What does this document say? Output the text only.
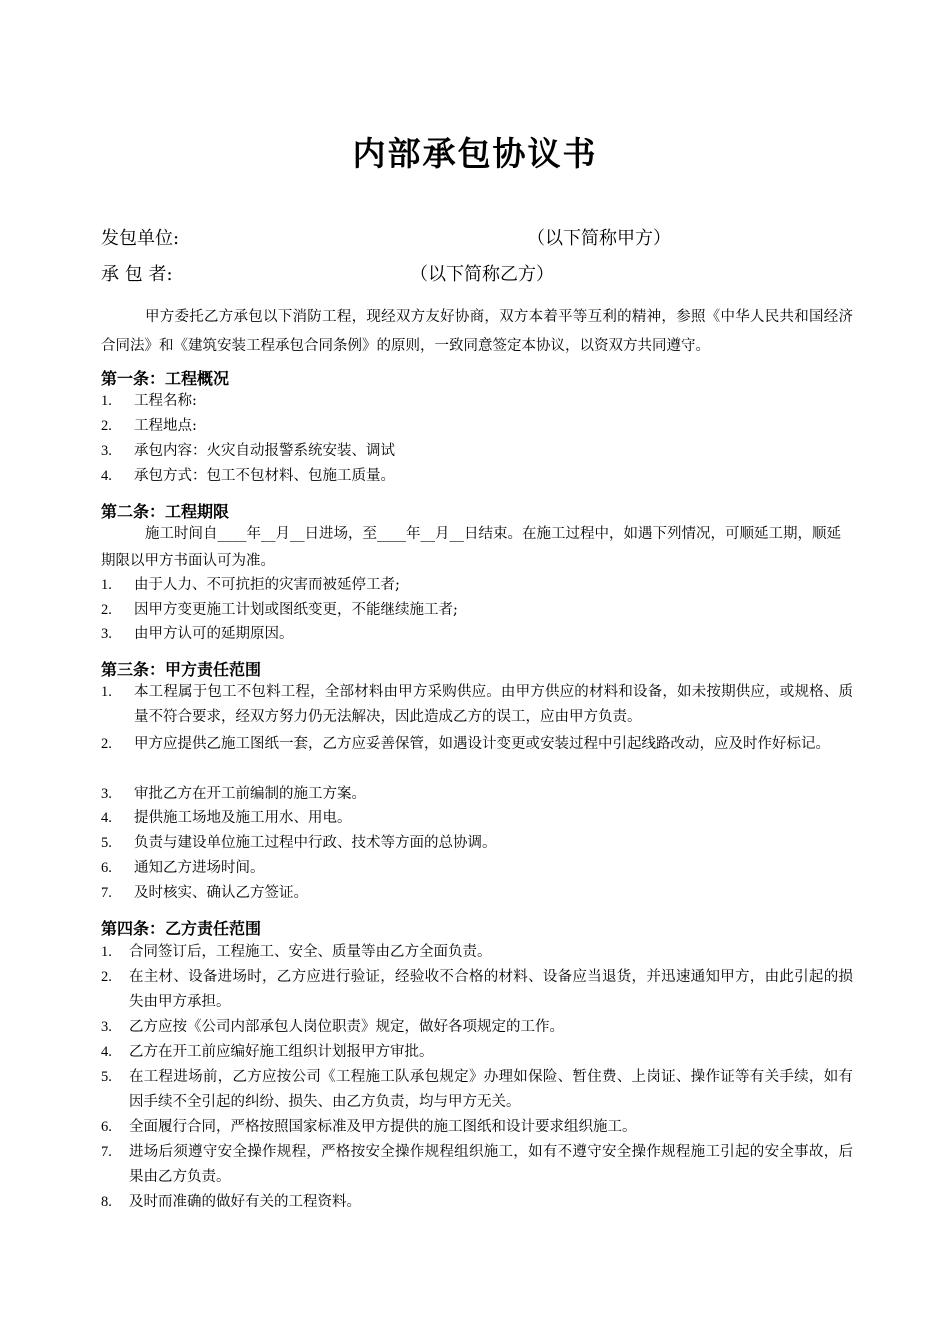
内部承包协议书
发包单位:	（以下简称甲方）
承 包 者:	（以下简称乙方）

甲方委托乙方承包以下消防工程，现经双方友好协商，双方本着平等互利的精神，参照《中华人民共和国经济合同法》和《建筑安装工程承包合同条例》的原则，一致同意签定本协议，以资双方共同遵守。

第一条：工程概况
1. 工程名称:
2. 工程地点:
3. 承包内容：火灾自动报警系统安装、调试
4. 承包方式：包工不包材料、包施工质量。
第二条：工程期限

施工时间自____年__月__日进场，至____年__月__日结束。在施工过程中，如遇下列情况，可顺延工期，顺延期限以甲方书面认可为准。

1. 由于人力、不可抗拒的灾害而被延停工者;
2. 因甲方变更施工计划或图纸变更，不能继续施工者;
3. 由甲方认可的延期原因。
第三条：甲方责任范围
1. 本工程属于包工不包料工程，全部材料由甲方采购供应。由甲方供应的材料和设备，如未按期供应，或规格、质量不符合要求，经双方努力仍无法解决，因此造成乙方的误工，应由甲方负责。
2. 甲方应提供乙施工图纸一套，乙方应妥善保管，如遇设计变更或安装过程中引起线路改动，应及时作好标记。
3. 审批乙方在开工前编制的施工方案。
4. 提供施工场地及施工用水、用电。
5. 负责与建设单位施工过程中行政、技术等方面的总协调。
6. 通知乙方进场时间。
7. 及时核实、确认乙方签证。
第四条：乙方责任范围
1. 合同签订后，工程施工、安全、质量等由乙方全面负责。
2. 在主材、设备进场时，乙方应进行验证，经验收不合格的材料、设备应当退货，并迅速通知甲方，由此引起的损失由甲方承担。
3. 乙方应按《公司内部承包人岗位职责》规定，做好各项规定的工作。
4. 乙方在开工前应编好施工组织计划报甲方审批。
5. 在工程进场前，乙方应按公司《工程施工队承包规定》办理如保险、暂住费、上岗证、操作证等有关手续，如有因手续不全引起的纠纷、损失、由乙方负责，均与甲方无关。
6. 全面履行合同，严格按照国家标准及甲方提供的施工图纸和设计要求组织施工。
7. 进场后须遵守安全操作规程，严格按安全操作规程组织施工，如有不遵守安全操作规程施工引起的安全事故，后果由乙方负责。
8. 及时而准确的做好有关的工程资料。
